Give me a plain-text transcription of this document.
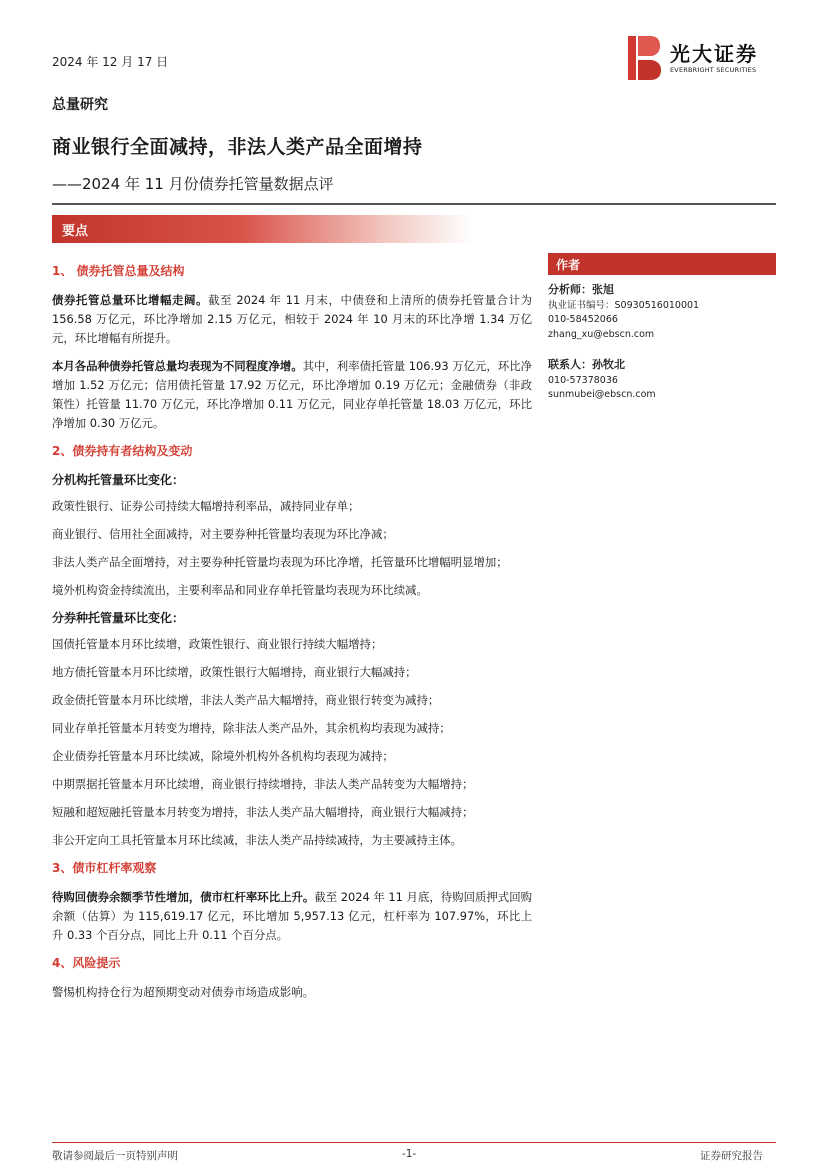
2024 年 12 月 17 日	光大证券
EVERBRIGHT SECURITIES
总量研究
商业银行全面减持，非法人类产品全面增持
——2024 年 11 月份债券托管量数据点评
要点
1、 债券托管总量及结构

债券托管总量环比增幅走阔。截至 2024 年 11 月末，中债登和上清所的债券托管量合计为 156.58 万亿元，环比净增加 2.15 万亿元，相较于 2024 年 10 月末的环比净增 1.34 万亿元，环比增幅有所提升。

本月各品种债券托管总量均表现为不同程度净增。其中，利率债托管量 106.93 万亿元，环比净增加 1.52 万亿元；信用债托管量 17.92 万亿元，环比净增加 0.19 万亿元；金融债券（非政策性）托管量 11.70 万亿元，环比净增加 0.11 万亿元，同业存单托管量 18.03 万亿元，环比净增加 0.30 万亿元。

2、债券持有者结构及变动
分机构托管量环比变化：

政策性银行、证券公司持续大幅增持利率品，减持同业存单；

商业银行、信用社全面减持，对主要券种托管量均表现为环比净减；

非法人类产品全面增持，对主要券种托管量均表现为环比净增，托管量环比增幅明显增加；

境外机构资金持续流出，主要利率品和同业存单托管量均表现为环比续减。

分券种托管量环比变化：

国债托管量本月环比续增，政策性银行、商业银行持续大幅增持；

地方债托管量本月环比续增，政策性银行大幅增持，商业银行大幅减持；

政金债托管量本月环比续增，非法人类产品大幅增持，商业银行转变为减持；

同业存单托管量本月转变为增持，除非法人类产品外，其余机构均表现为减持；

企业债券托管量本月环比续减，除境外机构外各机构均表现为减持；

中期票据托管量本月环比续增，商业银行持续增持，非法人类产品转变为大幅增持；

短融和超短融托管量本月转变为增持，非法人类产品大幅增持，商业银行大幅减持；

非公开定向工具托管量本月环比续减，非法人类产品持续减持，为主要减持主体。

3、债市杠杆率观察

待购回债券余额季节性增加，债市杠杆率环比上升。截至 2024 年 11 月底，待购回质押式回购余额（估算）为 115,619.17 亿元，环比增加 5,957.13 亿元，杠杆率为 107.97%，环比上升 0.33 个百分点，同比上升 0.11 个百分点。

4、风险提示

警惕机构持仓行为超预期变动对债券市场造成影响。

作者
分析师：张旭
执业证书编号：S0930516010001
010-58452066
zhang_xu@ebscn.com
联系人：孙牧北
010-57378036
sunmubei@ebscn.com
敬请参阅最后一页特别声明	-1-	证券研究报告
